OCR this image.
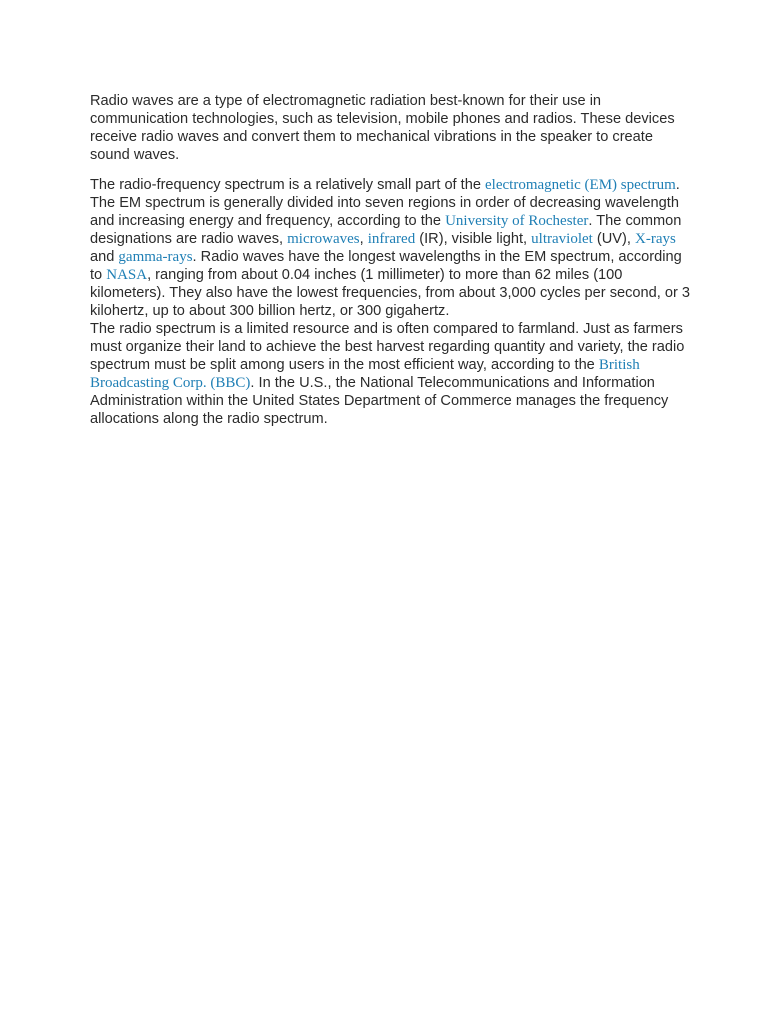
Radio waves are a type of electromagnetic radiation best-known for their use in communication technologies, such as television, mobile phones and radios. These devices receive radio waves and convert them to mechanical vibrations in the speaker to create sound waves.

The radio-frequency spectrum is a relatively small part of the electromagnetic (EM) spectrum. The EM spectrum is generally divided into seven regions in order of decreasing wavelength and increasing energy and frequency, according to the University of Rochester. The common designations are radio waves, microwaves, infrared (IR), visible light, ultraviolet (UV), X-rays and gamma-rays. Radio waves have the longest wavelengths in the EM spectrum, according to NASA, ranging from about 0.04 inches (1 millimeter) to more than 62 miles (100 kilometers). They also have the lowest frequencies, from about 3,000 cycles per second, or 3 kilohertz, up to about 300 billion hertz, or 300 gigahertz.

The radio spectrum is a limited resource and is often compared to farmland. Just as farmers must organize their land to achieve the best harvest regarding quantity and variety, the radio spectrum must be split among users in the most efficient way, according to the British Broadcasting Corp. (BBC). In the U.S., the National Telecommunications and Information Administration within the United States Department of Commerce manages the frequency allocations along the radio spectrum.
